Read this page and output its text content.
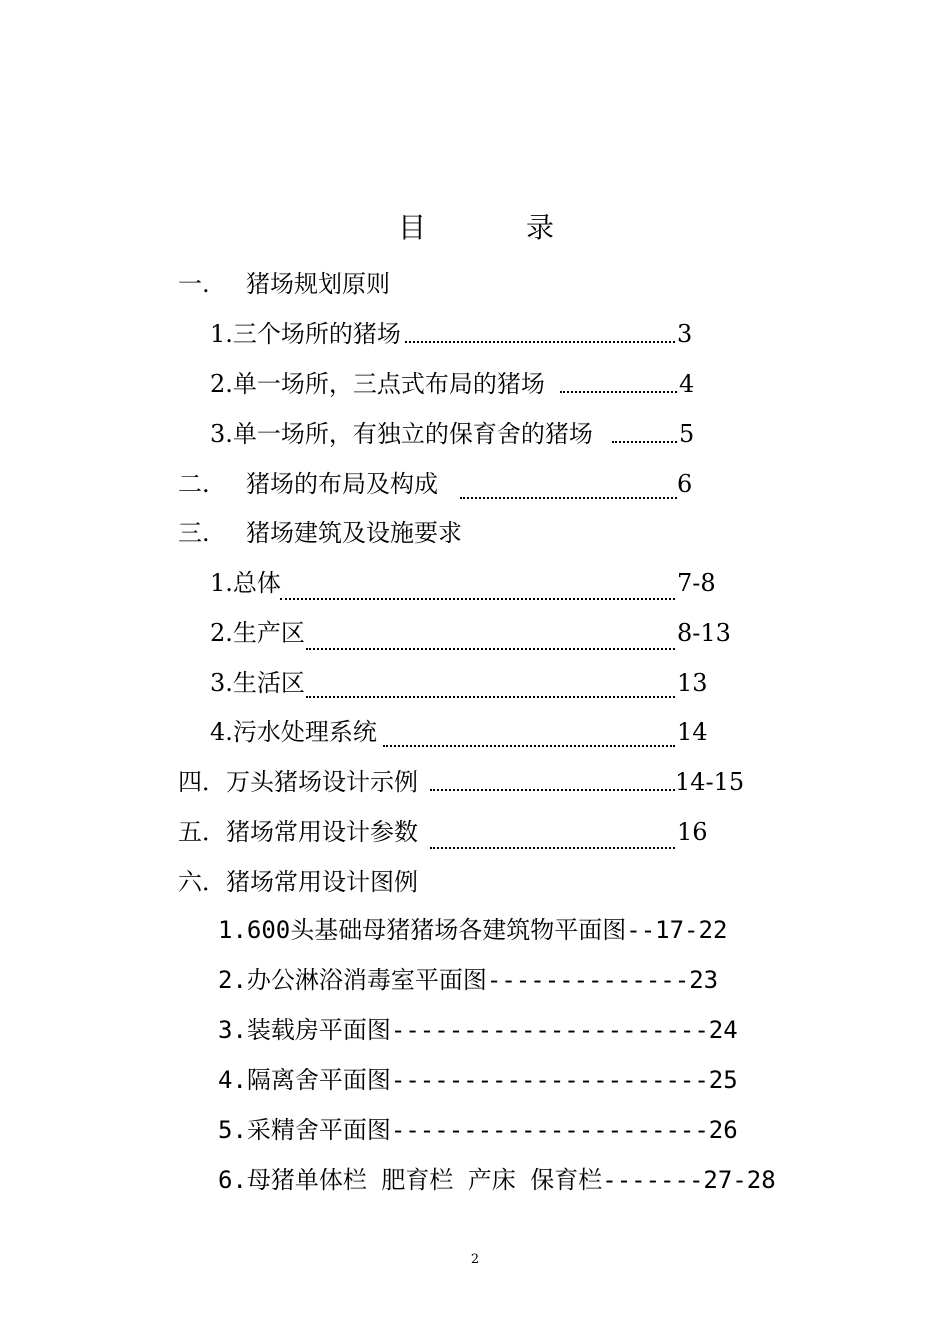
目	录
一. 猪场规划原则
1.三个场所的猪场	3
2.单一场所，三点式布局的猪场	4
3.单一场所，有独立的保育舍的猪场	5
二. 猪场的布局及构成	6
三. 猪场建筑及设施要求
1.总体	7-8
2.生产区	8-13
3.生活区	13
4.污水处理系统	14
四．万头猪场设计示例	14-15
五．猪场常用设计参数	16
六．猪场常用设计图例
1.600头基础母猪猪场各建筑物平面图--17-22
2.办公淋浴消毒室平面图--------------23
3.装载房平面图----------------------24
4.隔离舍平面图----------------------25
5.采精舍平面图----------------------26
6.母猪单体栏 肥育栏 产床 保育栏-------27-28
2
